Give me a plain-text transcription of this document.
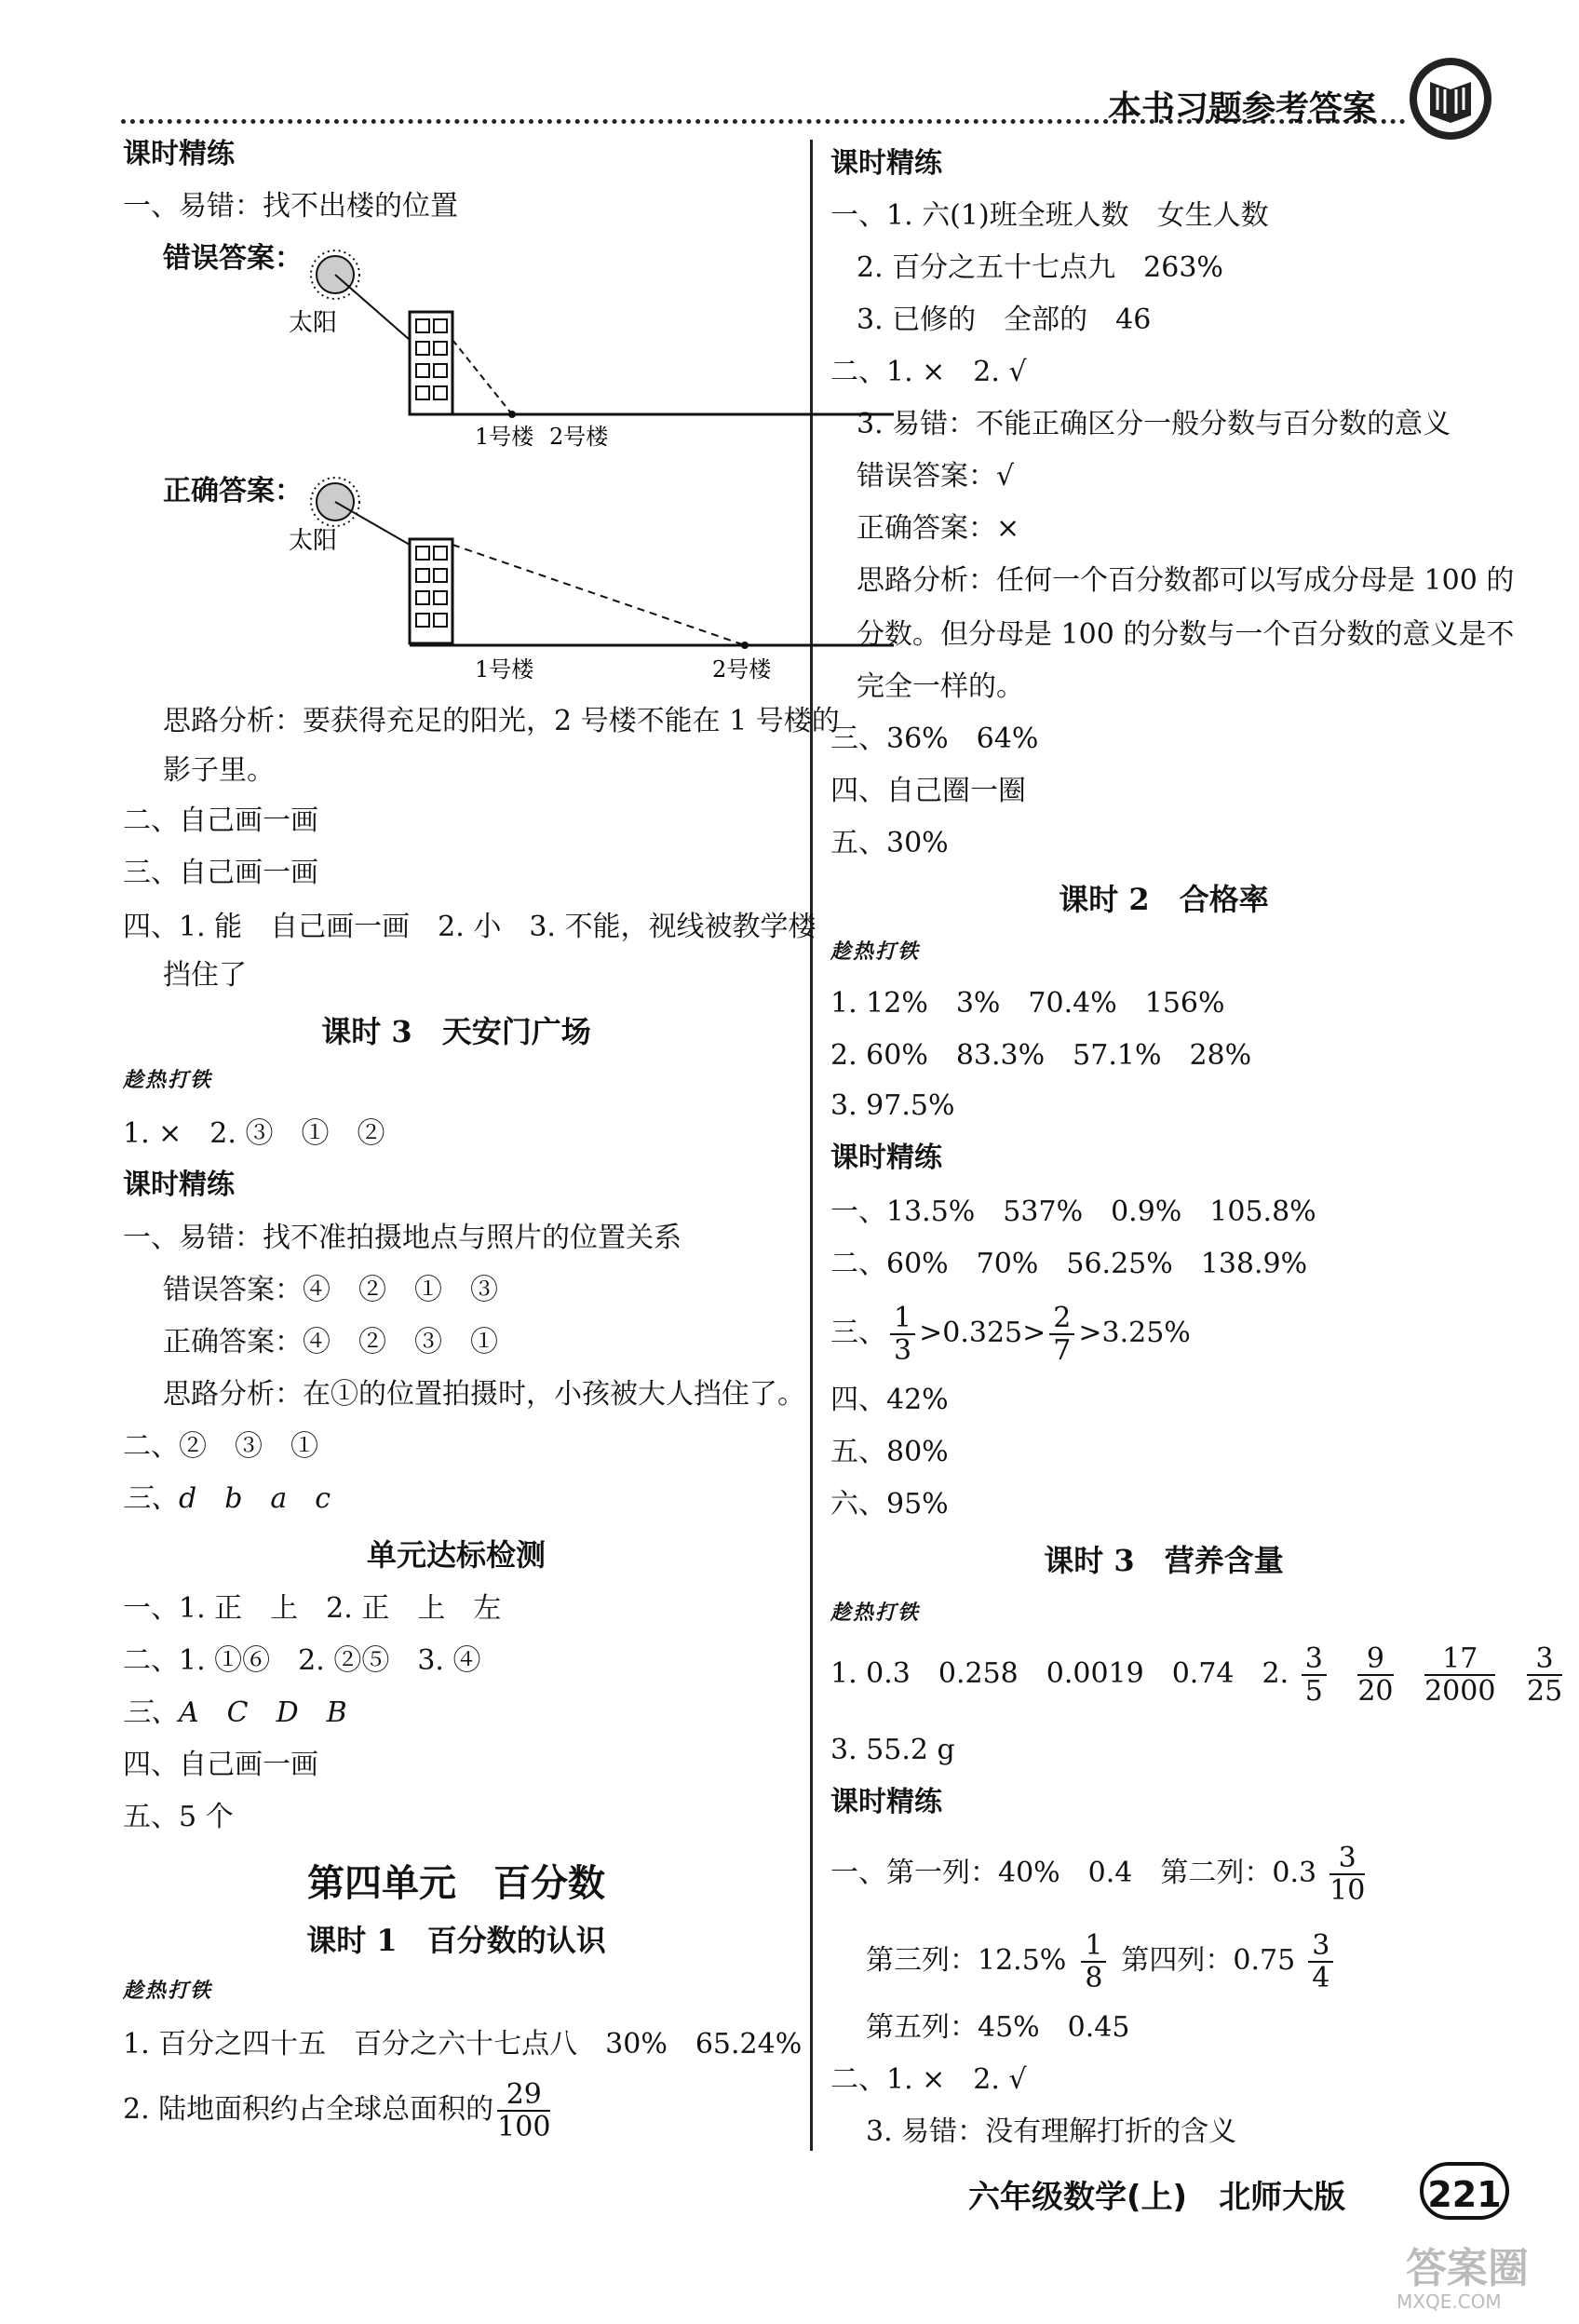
本书习题参考答案
课时精练
一、易错：找不出楼的位置
错误答案：
太阳
1号楼 2号楼
正确答案：
太阳
1号楼	2号楼
思路分析：要获得充足的阳光，2 号楼不能在 1 号楼的
影子里。
二、自己画一画
三、自己画一画
四、1. 能　自己画一画　2. 小　3. 不能，视线被教学楼
挡住了
课时 3　天安门广场
趁热打铁
1. ×　2. ③　①　②
课时精练
一、易错：找不准拍摄地点与照片的位置关系
错误答案：④　②　①　③
正确答案：④　②　③　①
思路分析：在①的位置拍摄时，小孩被大人挡住了。
二、②　③　①
三、d　b　a　c
单元达标检测
一、1. 正　上　2. 正　上　左
二、1. ①⑥　2. ②⑤　3. ④
三、A　C　D　B
四、自己画一画
五、5 个
第四单元　百分数
课时 1　百分数的认识
趁热打铁
1. 百分之四十五　百分之六十七点八　30%　65.24%
2. 陆地面积约占全球总面积的 $\frac{29}{100}$
课时精练
一、1. 六(1)班全班人数　女生人数
2. 百分之五十七点九　263%
3. 已修的　全部的　46
二、1. ×　2. √
3. 易错：不能正确区分一般分数与百分数的意义
错误答案：√
正确答案：×
思路分析：任何一个百分数都可以写成分母是 100 的
分数。但分母是 100 的分数与一个百分数的意义是不
完全一样的。
三、36%　64%
四、自己圈一圈
五、30%
课时 2　合格率
趁热打铁
1. 12%　3%　70.4%　156%
2. 60%　83.3%　57.1%　28%
3. 97.5%
课时精练
一、13.5%　537%　0.9%　105.8%
二、60%　70%　56.25%　138.9%
三、 $\frac{1}{3} >0.325> \frac{2}{7} >3.25\%$
四、42%
五、80%
六、95%
课时 3　营养含量
趁热打铁
1. 0.3　0.258　0.0019　0.74　2. $\frac{3}{5}$
$\frac{9}{20}$
$\frac{17}{2000}$
$\frac{3}{25}$
3. 55.2 g
课时精练
一、第一列：40%　0.4　第二列：$0.3 \frac{3}{10}$
第三列：$12.5\% \frac{1}{8}$ 第四列：$0.75 \frac{3}{4}$
第五列：45%　0.45
二、1. ×　2. √
3. 易错：没有理解打折的含义
六年级数学(上)　北师大版 221
答案圈
MXQE.COM
